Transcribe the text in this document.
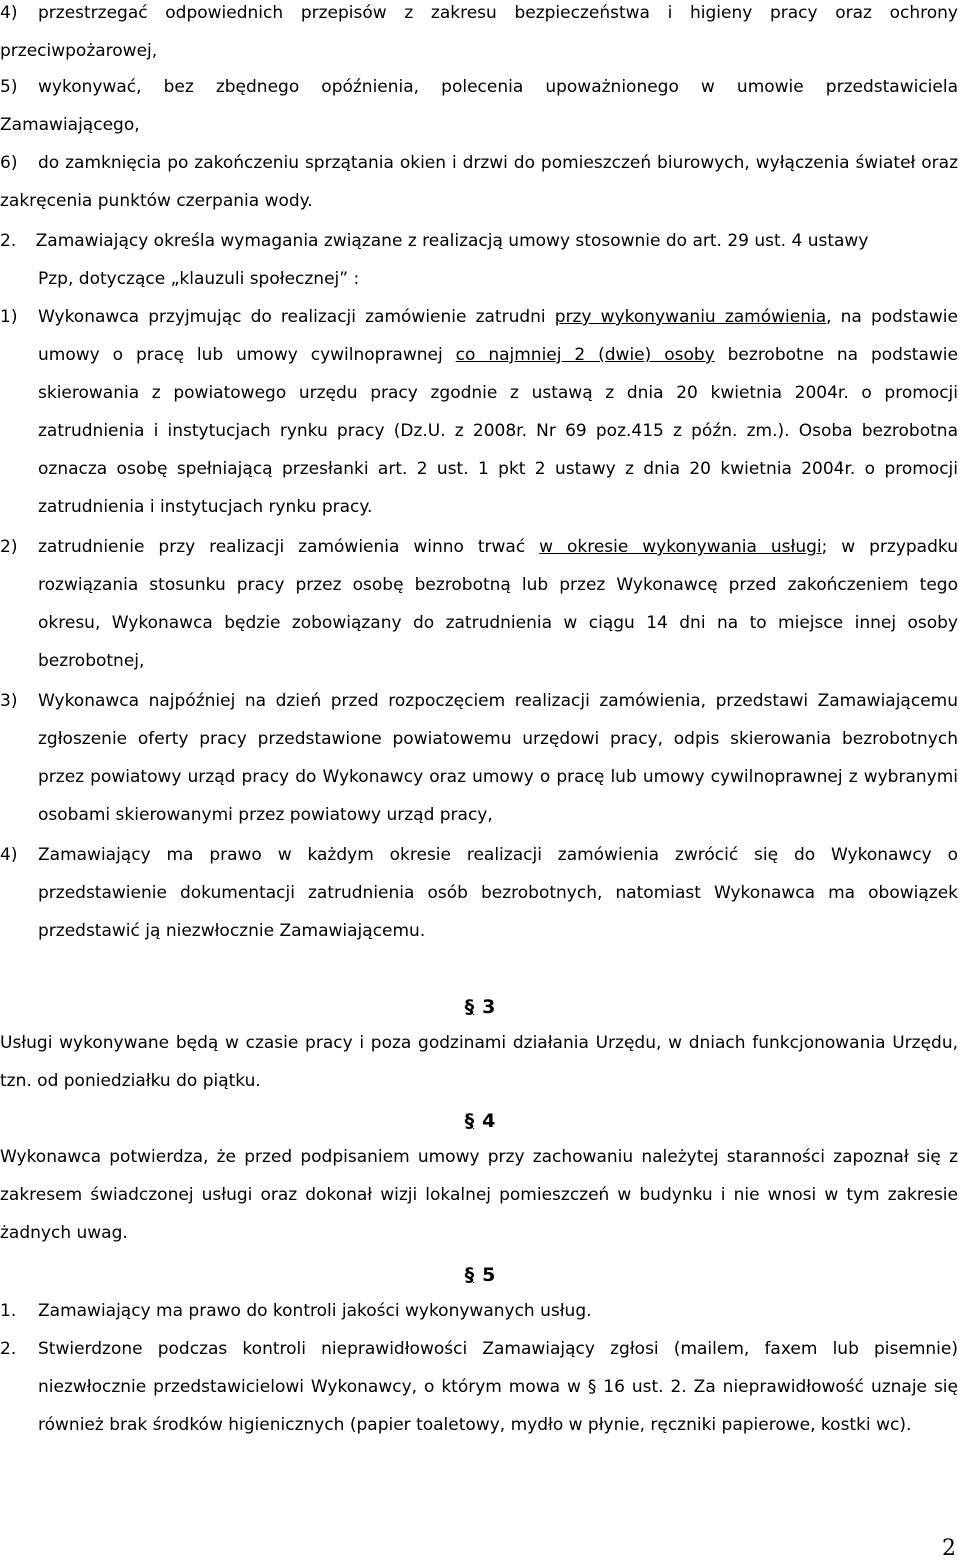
4)	przestrzegać odpowiednich przepisów z zakresu bezpieczeństwa i higieny pracy oraz ochrony przeciwpożarowej,
5)	wykonywać, bez zbędnego opóźnienia, polecenia upoważnionego w umowie przedstawiciela Zamawiającego,
6)	do zamknięcia po zakończeniu sprzątania okien i drzwi do pomieszczeń biurowych, wyłączenia świateł oraz zakręcenia punktów czerpania wody.
2. Zamawiający określa wymagania związane z realizacją umowy stosownie do art. 29 ust. 4 ustawy
Pzp, dotyczące „klauzuli społecznej” :
1) Wykonawca przyjmując do realizacji zamówienie zatrudni przy wykonywaniu zamówienia, na podstawie umowy o pracę lub umowy cywilnoprawnej co najmniej 2 (dwie) osoby bezrobotne na podstawie skierowania z powiatowego urzędu pracy zgodnie z ustawą z dnia 20 kwietnia 2004r. o promocji zatrudnienia i instytucjach rynku pracy (Dz.U. z 2008r. Nr 69 poz.415 z późn. zm.). Osoba bezrobotna oznacza osobę spełniającą przesłanki art. 2 ust. 1 pkt 2 ustawy z dnia 20 kwietnia 2004r. o promocji zatrudnienia i instytucjach rynku pracy.
2) zatrudnienie przy realizacji zamówienia winno trwać w okresie wykonywania usługi; w przypadku rozwiązania stosunku pracy przez osobę bezrobotną lub przez Wykonawcę przed zakończeniem tego okresu, Wykonawca będzie zobowiązany do zatrudnienia w ciągu 14 dni na to miejsce innej osoby bezrobotnej,
3) Wykonawca najpóźniej na dzień przed rozpoczęciem realizacji zamówienia, przedstawi Zamawiającemu zgłoszenie oferty pracy przedstawione powiatowemu urzędowi pracy, odpis skierowania bezrobotnych przez powiatowy urząd pracy do Wykonawcy oraz umowy o pracę lub umowy cywilnoprawnej z wybranymi osobami skierowanymi przez powiatowy urząd pracy,
4) Zamawiający ma prawo w każdym okresie realizacji zamówienia zwrócić się do Wykonawcy o przedstawienie dokumentacji zatrudnienia osób bezrobotnych, natomiast Wykonawca ma obowiązek przedstawić ją niezwłocznie Zamawiającemu.
§ 3
Usługi wykonywane będą w czasie pracy i poza godzinami działania Urzędu, w dniach funkcjonowania Urzędu, tzn. od poniedziałku do piątku.
§ 4
Wykonawca potwierdza, że przed podpisaniem umowy przy zachowaniu należytej staranności zapoznał się z zakresem świadczonej usługi oraz dokonał wizji lokalnej pomieszczeń w budynku i nie wnosi w tym zakresie żadnych uwag.
§ 5
1. Zamawiający ma prawo do kontroli jakości wykonywanych usług.
2. Stwierdzone podczas kontroli nieprawidłowości Zamawiający zgłosi (mailem, faxem lub pisemnie) niezwłocznie przedstawicielowi Wykonawcy, o którym mowa w § 16 ust. 2. Za nieprawidłowość uznaje się również brak środków higienicznych (papier toaletowy, mydło w płynie, ręczniki papierowe, kostki wc).
2
